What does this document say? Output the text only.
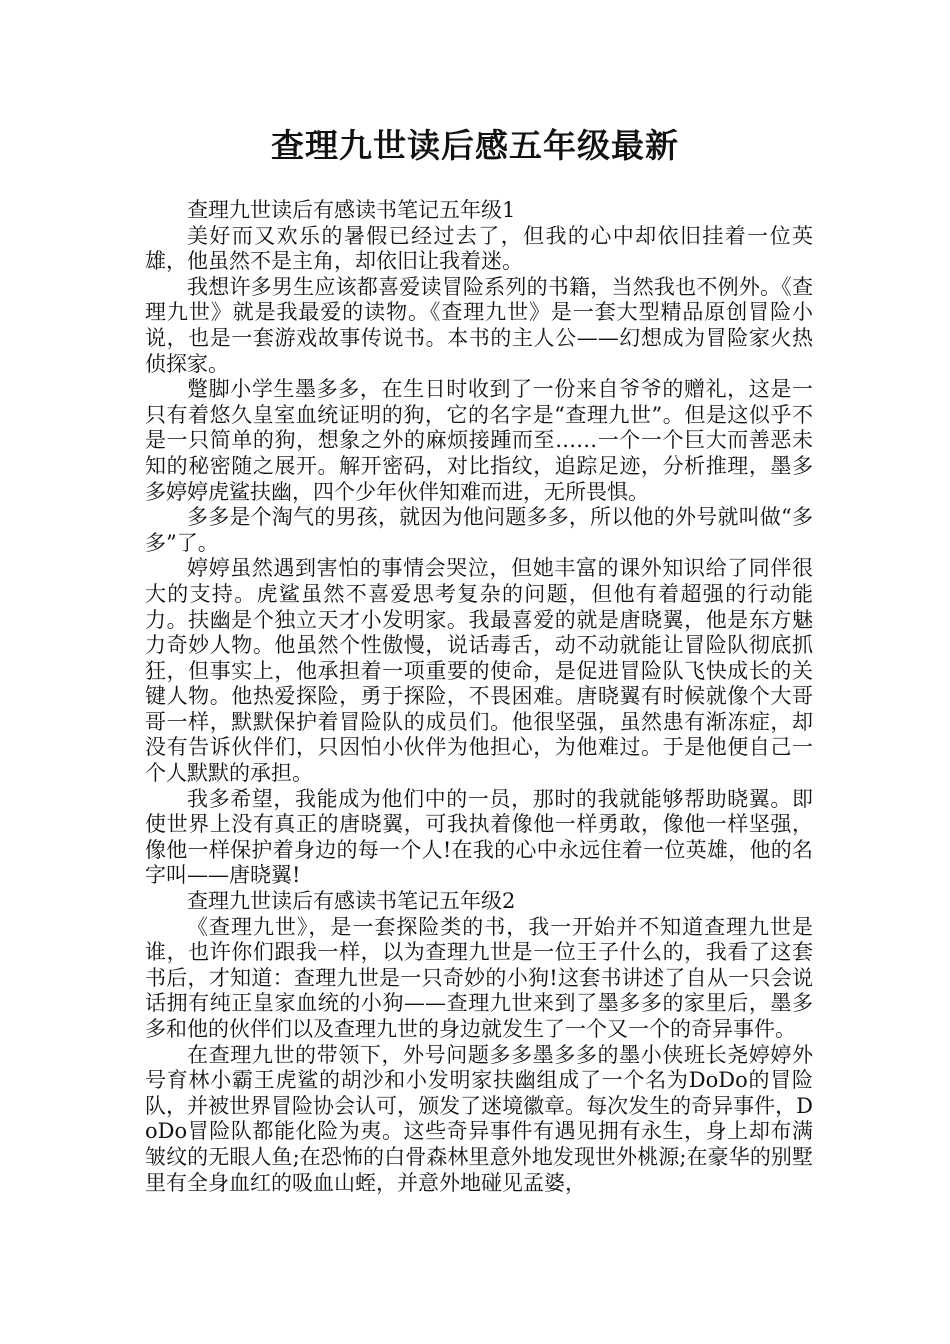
查理九世读后感五年级最新

查理九世读后有感读书笔记五年级1

美好而又欢乐的暑假已经过去了，但我的心中却依旧挂着一位英雄，他虽然不是主角，却依旧让我着迷。

我想许多男生应该都喜爱读冒险系列的书籍，当然我也不例外。《查理九世》就是我最爱的读物。《查理九世》是一套大型精品原创冒险小说，也是一套游戏故事传说书。本书的主人公——幻想成为冒险家火热侦探家。

蹩脚小学生墨多多，在生日时收到了一份来自爷爷的赠礼，这是一只有着悠久皇室血统证明的狗，它的名字是“查理九世”。但是这似乎不是一只简单的狗，想象之外的麻烦接踵而至……一个一个巨大而善恶未知的秘密随之展开。解开密码，对比指纹，追踪足迹，分析推理，墨多多婷婷虎鲨扶幽，四个少年伙伴知难而进，无所畏惧。

多多是个淘气的男孩，就因为他问题多多，所以他的外号就叫做“多多”了。

婷婷虽然遇到害怕的事情会哭泣，但她丰富的课外知识给了同伴很大的支持。虎鲨虽然不喜爱思考复杂的问题，但他有着超强的行动能力。扶幽是个独立天才小发明家。我最喜爱的就是唐晓翼，他是东方魅力奇妙人物。他虽然个性傲慢，说话毒舌，动不动就能让冒险队彻底抓狂，但事实上，他承担着一项重要的使命，是促进冒险队飞快成长的关键人物。他热爱探险，勇于探险，不畏困难。唐晓翼有时候就像个大哥哥一样，默默保护着冒险队的成员们。他很坚强，虽然患有渐冻症，却没有告诉伙伴们，只因怕小伙伴为他担心，为他难过。于是他便自己一个人默默的承担。

我多希望，我能成为他们中的一员，那时的我就能够帮助晓翼。即使世界上没有真正的唐晓翼，可我执着像他一样勇敢，像他一样坚强，像他一样保护着身边的每一个人!在我的心中永远住着一位英雄，他的名字叫——唐晓翼!

查理九世读后有感读书笔记五年级2

《查理九世》，是一套探险类的书，我一开始并不知道查理九世是谁，也许你们跟我一样，以为查理九世是一位王子什么的，我看了这套书后，才知道：查理九世是一只奇妙的小狗!这套书讲述了自从一只会说话拥有纯正皇家血统的小狗——查理九世来到了墨多多的家里后，墨多多和他的伙伴们以及查理九世的身边就发生了一个又一个的奇异事件。

在查理九世的带领下，外号问题多多墨多多的墨小侠班长尧婷婷外号育林小霸王虎鲨的胡沙和小发明家扶幽组成了一个名为DoDo的冒险队，并被世界冒险协会认可，颁发了迷境徽章。每次发生的奇异事件，DoDo冒险队都能化险为夷。这些奇异事件有遇见拥有永生，身上却布满皱纹的无眼人鱼;在恐怖的白骨森林里意外地发现世外桃源;在豪华的别墅里有全身血红的吸血山蛭，并意外地碰见孟婆，
